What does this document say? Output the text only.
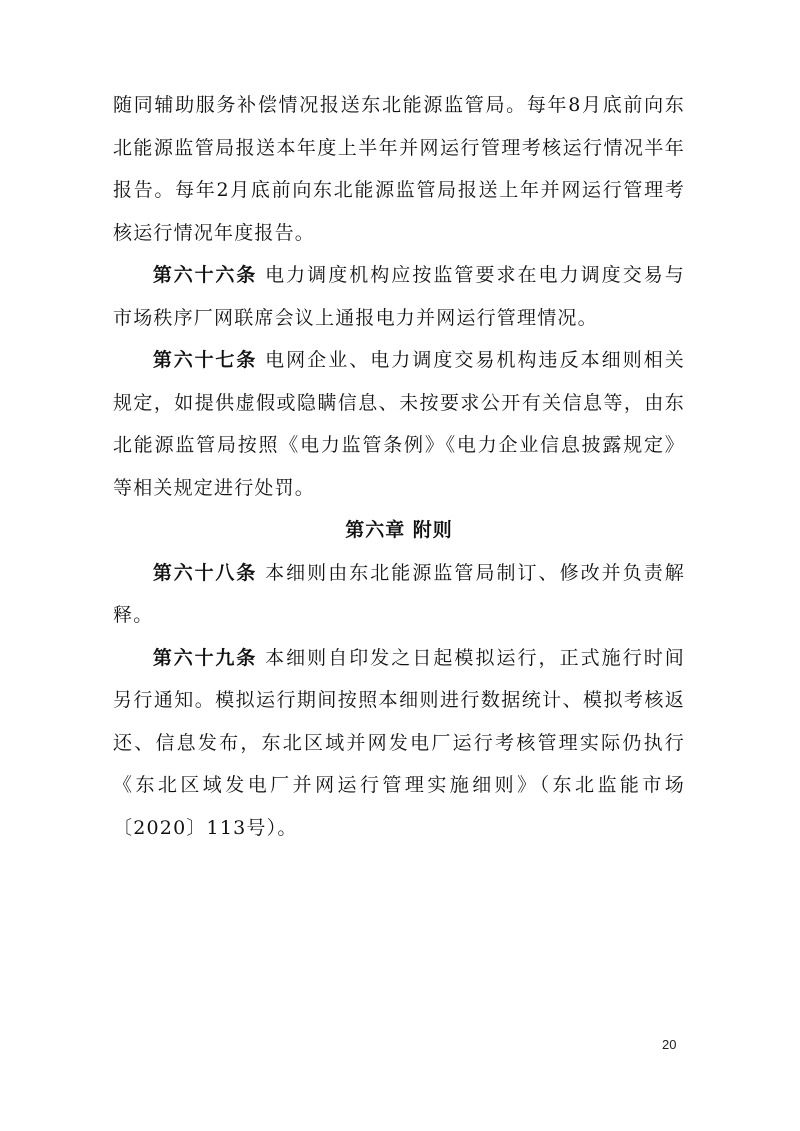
随同辅助服务补偿情况报送东北能源监管局。每年8月底前向东北能源监管局报送本年度上半年并网运行管理考核运行情况半年报告。每年2月底前向东北能源监管局报送上年并网运行管理考核运行情况年度报告。

第六十六条 电力调度机构应按监管要求在电力调度交易与市场秩序厂网联席会议上通报电力并网运行管理情况。

第六十七条 电网企业、电力调度交易机构违反本细则相关规定，如提供虚假或隐瞒信息、未按要求公开有关信息等，由东北能源监管局按照《电力监管条例》《电力企业信息披露规定》等相关规定进行处罚。

第六章 附则

第六十八条 本细则由东北能源监管局制订、修改并负责解释。

第六十九条 本细则自印发之日起模拟运行，正式施行时间另行通知。模拟运行期间按照本细则进行数据统计、模拟考核返还、信息发布，东北区域并网发电厂运行考核管理实际仍执行《东北区域发电厂并网运行管理实施细则》（东北监能市场〔2020〕113号）。

20
